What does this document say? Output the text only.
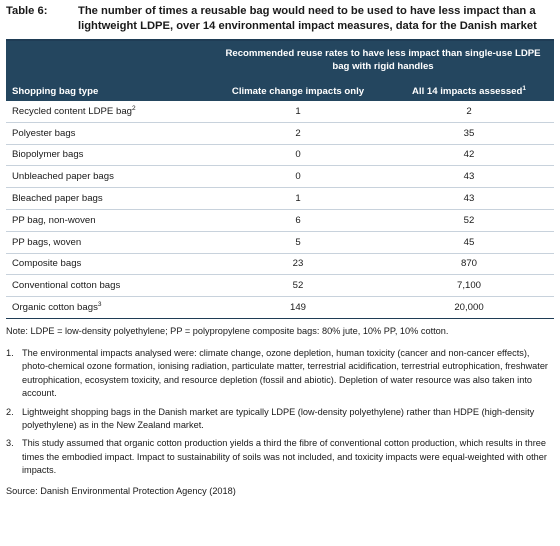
Table 6:	The number of times a reusable bag would need to be used to have less impact than a lightweight LDPE, over 14 environmental impact measures, data for the Danish market
	Recommended reuse rates to have less impact than single-use LDPE bag with rigid handles	
Shopping bag type	Climate change impacts only	All 14 impacts assessed$^1$
Recycled content LDPE bag$^2$	1	2
Polyester bags	2	35
Biopolymer bags	0	42
Unbleached paper bags	0	43
Bleached paper bags	1	43
PP bag, non-woven	6	52
PP bags, woven	5	45
Composite bags	23	870
Conventional cotton bags	52	7,100
Organic cotton bags$^3$	149	20,000
Note: LDPE = low-density polyethylene; PP = polypropylene composite bags: 80% jute, 10% PP, 10% cotton.
1. The environmental impacts analysed were: climate change, ozone depletion, human toxicity (cancer and non-cancer effects), photo-chemical ozone formation, ionising radiation, particulate matter, terrestrial acidification, terrestrial eutrophication, freshwater eutrophication, ecosystem toxicity, and resource depletion (fossil and abiotic). Depletion of water resource was also taken into account.
2. Lightweight shopping bags in the Danish market are typically LDPE (low-density polyethylene) rather than HDPE (high-density polyethylene) as in the New Zealand market.
3. This study assumed that organic cotton production yields a third the fibre of conventional cotton production, which results in three times the embodied impact. Impact to sustainability of soils was not included, and toxicity impacts were equal-weighted with other impacts.
Source: Danish Environmental Protection Agency (2018)
